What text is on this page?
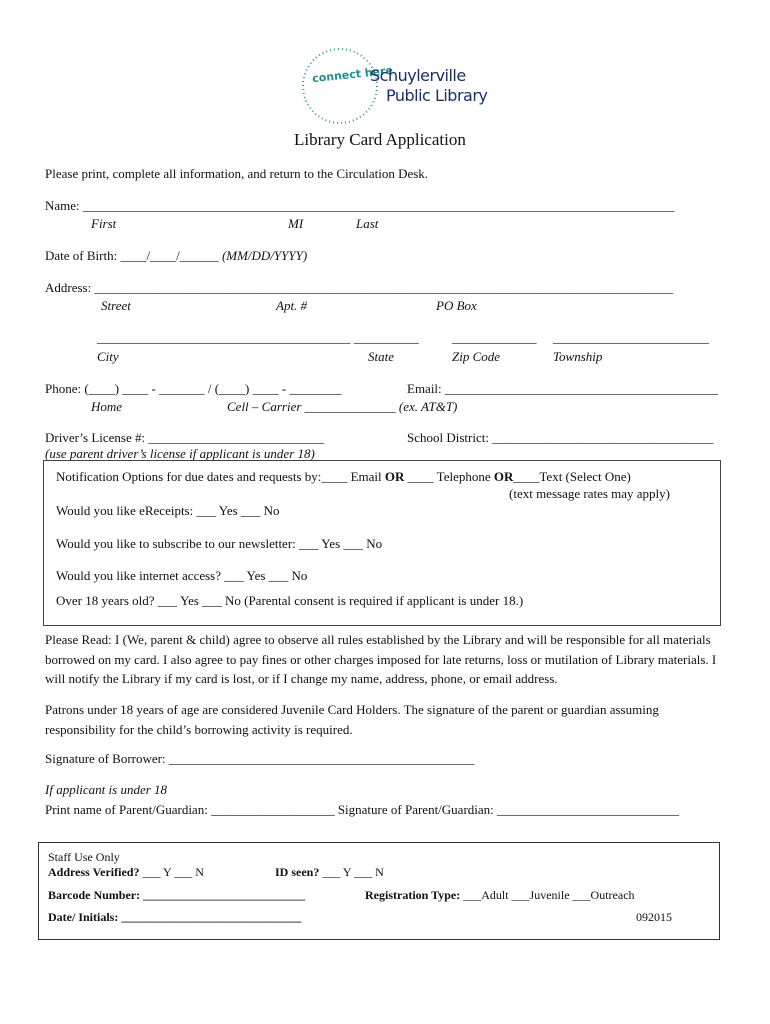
connect here
Schuylerville
Public Library
Library Card Application
Please print, complete all information, and return to the Circulation Desk.
Name: ___________________________________________________________________________________________
First	MI	Last
Date of Birth: ____/____/______ (MM/DD/YYYY)
Address: _________________________________________________________________________________________
Street	Apt. #	PO Box
_______________________________________ __________	_____________ ________________________
City	State	Zip Code	Township
Phone: (____) ____ - _______ / (____) ____ - ________	Email: __________________________________________
Home	Cell – Carrier ______________ (ex. AT&T)
Driver’s License #: ___________________________	School District: __________________________________
(use parent driver’s license if applicant is under 18)
Notification Options for due dates and requests by:____ Email OR ____ Telephone OR____Text (Select One)
(text message rates may apply)
Would you like eReceipts: ___ Yes ___ No
Would you like to subscribe to our newsletter: ___ Yes ___ No
Would you like internet access? ___ Yes ___ No
Over 18 years old? ___ Yes ___ No (Parental consent is required if applicant is under 18.)
Please Read: I (We, parent & child) agree to observe all rules established by the Library and will be responsible for all materials borrowed on my card. I also agree to pay fines or other charges imposed for late returns, loss or mutilation of Library materials. I will notify the Library if my card is lost, or if I change my name, address, phone, or email address.
Patrons under 18 years of age are considered Juvenile Card Holders. The signature of the parent or guardian assuming responsibility for the child’s borrowing activity is required.
Signature of Borrower: _______________________________________________
If applicant is under 18
Print name of Parent/Guardian: ___________________ Signature of Parent/Guardian: ____________________________
Staff Use Only
Address Verified? ___ Y ___ N	ID seen? ___ Y ___ N
Barcode Number: ___________________________	Registration Type: ___Adult ___Juvenile ___Outreach
Date/ Initials: ______________________________	092015
